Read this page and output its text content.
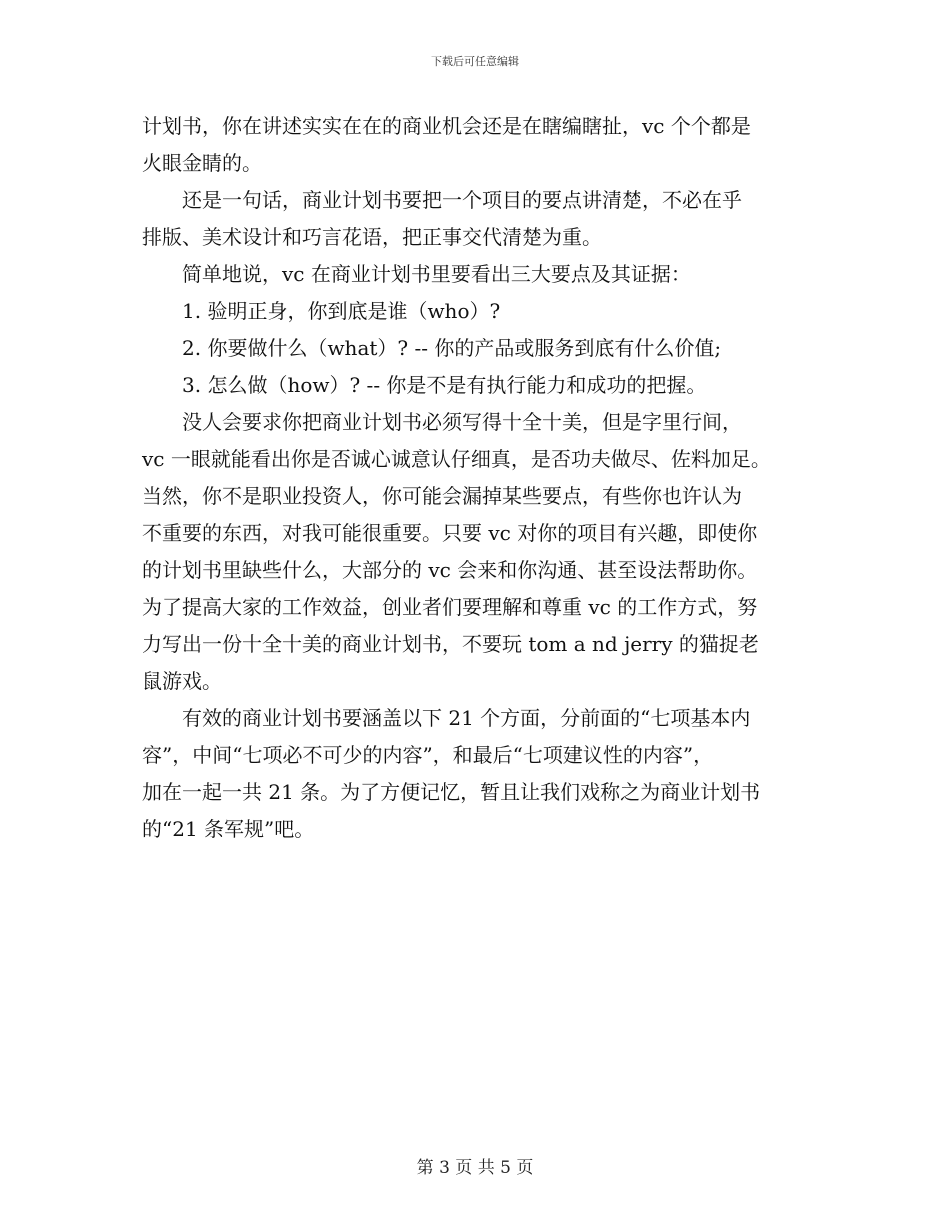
下载后可任意编辑

计划书，你在讲述实实在在的商业机会还是在瞎编瞎扯，vc 个个都是

火眼金睛的。

　　还是一句话，商业计划书要把一个项目的要点讲清楚，不必在乎

排版、美术设计和巧言花语，把正事交代清楚为重。

　　简单地说，vc 在商业计划书里要看出三大要点及其证据：

　　1. 验明正身，你到底是谁（who）?

　　2. 你要做什么（what）? -- 你的产品或服务到底有什么价值;

　　3. 怎么做（how）? -- 你是不是有执行能力和成功的把握。

　　没人会要求你把商业计划书必须写得十全十美，但是字里行间，

vc 一眼就能看出你是否诚心诚意认仔细真，是否功夫做尽、佐料加足。

当然，你不是职业投资人，你可能会漏掉某些要点，有些你也许认为

不重要的东西，对我可能很重要。只要 vc 对你的项目有兴趣，即使你

的计划书里缺些什么，大部分的 vc 会来和你沟通、甚至设法帮助你。

为了提高大家的工作效益，创业者们要理解和尊重 vc 的工作方式，努

力写出一份十全十美的商业计划书，不要玩 tom a nd jerry 的猫捉老

鼠游戏。

　　有效的商业计划书要涵盖以下 21 个方面，分前面的“七项基本内

容”，中间“七项必不可少的内容”，和最后“七项建议性的内容”，

加在一起一共 21 条。为了方便记忆，暂且让我们戏称之为商业计划书

的“21 条军规”吧。

第 3 页 共 5 页
